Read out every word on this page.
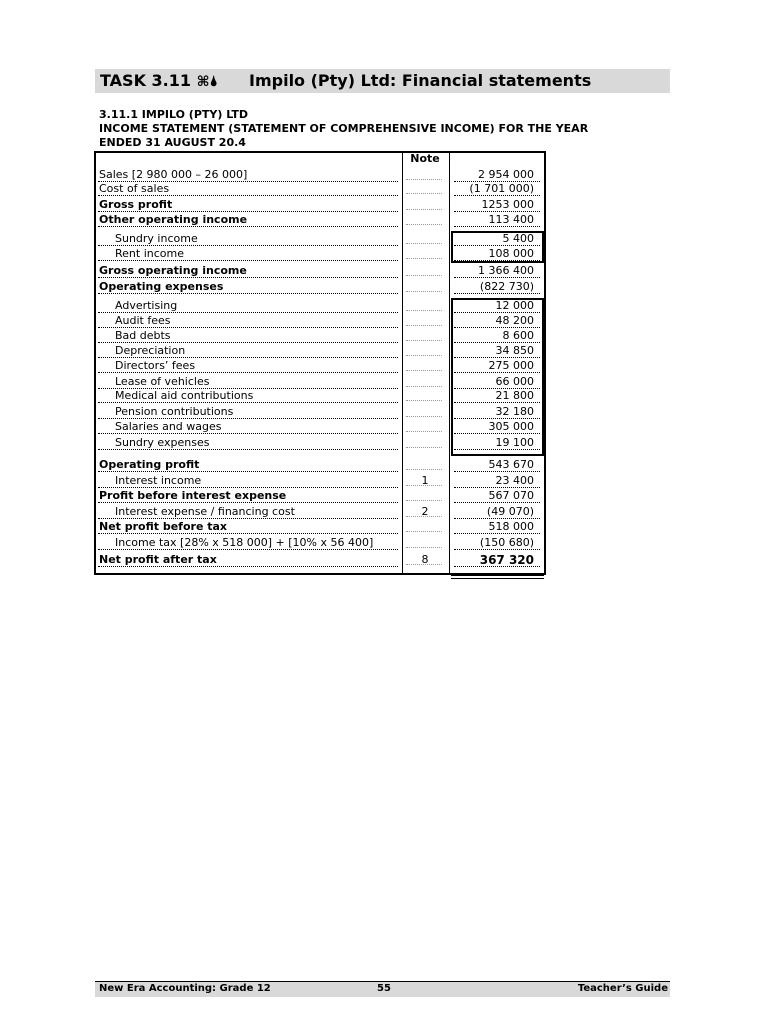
TASK 3.11 ⌘🌢 Impilo (Pty) Ltd: Financial statements
3.11.1 IMPILO (PTY) LTD
INCOME STATEMENT (STATEMENT OF COMPREHENSIVE INCOME) FOR THE YEAR
ENDED 31 AUGUST 20.4
Note
Sales [2 980 000 – 26 000]	2 954 000
Cost of sales	(1 701 000)
Gross profit	1253 000
Other operating income	113 400
Sundry income	5 400
Rent income	108 000
Gross operating income	1 366 400
Operating expenses	(822 730)
Advertising	12 000
Audit fees	48 200
Bad debts	8 600
Depreciation	34 850
Directors’ fees	275 000
Lease of vehicles	66 000
Medical aid contributions	21 800
Pension contributions	32 180
Salaries and wages	305 000
Sundry expenses	19 100
Operating profit	543 670
Interest income	1	23 400
Profit before interest expense	567 070
Interest expense / financing cost	2	(49 070)
Net profit before tax	518 000
Income tax [28% x 518 000] + [10% x 56 400]	(150 680)
Net profit after tax	8	367 320
New Era Accounting: Grade 12	55	Teacher’s Guide
